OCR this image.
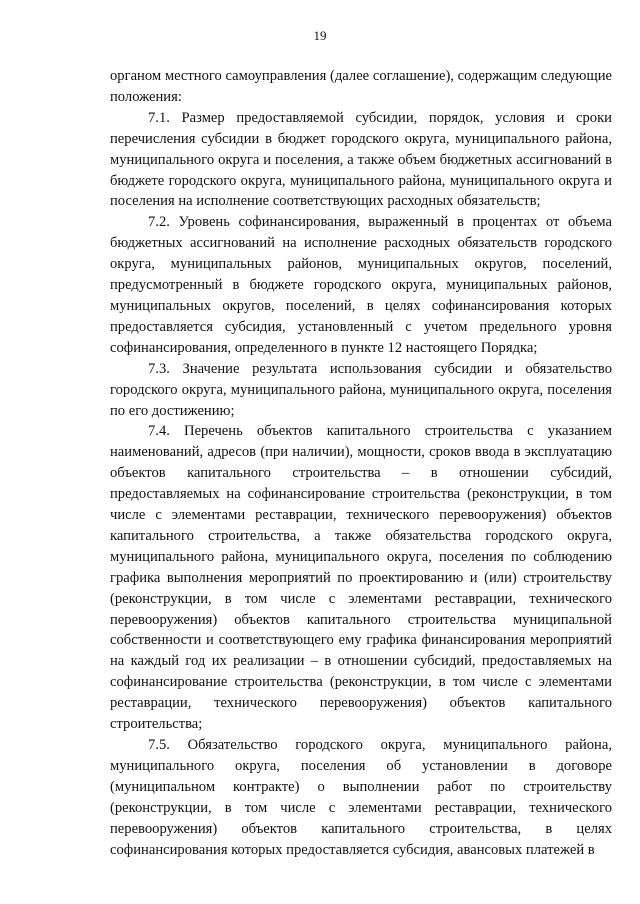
19

органом местного самоуправления (далее соглашение), содержащим следующие положения:

7.1. Размер предоставляемой субсидии, порядок, условия и сроки перечисления субсидии в бюджет городского округа, муниципального района, муниципального округа и поселения, а также объем бюджетных ассигнований в бюджете городского округа, муниципального района, муниципального округа и поселения на исполнение соответствующих расходных обязательств;

7.2. Уровень софинансирования, выраженный в процентах от объема бюджетных ассигнований на исполнение расходных обязательств городского округа, муниципальных районов, муниципальных округов, поселений, предусмотренный в бюджете городского округа, муниципальных районов, муниципальных округов, поселений, в целях софинансирования которых предоставляется субсидия, установленный с учетом предельного уровня софинансирования, определенного в пункте 12 настоящего Порядка;

7.3. Значение результата использования субсидии и обязательство городского округа, муниципального района, муниципального округа, поселения по его достижению;

7.4. Перечень объектов капитального строительства с указанием наименований, адресов (при наличии), мощности, сроков ввода в эксплуатацию объектов капитального строительства – в отношении субсидий, предоставляемых на софинансирование строительства (реконструкции, в том числе с элементами реставрации, технического перевооружения) объектов капитального строительства, а также обязательства городского округа, муниципального района, муниципального округа, поселения по соблюдению графика выполнения мероприятий по проектированию и (или) строительству (реконструкции, в том числе с элементами реставрации, технического перевооружения) объектов капитального строительства муниципальной собственности и соответствующего ему графика финансирования мероприятий на каждый год их реализации – в отношении субсидий, предоставляемых на софинансирование строительства (реконструкции, в том числе с элементами реставрации, технического перевооружения) объектов капитального строительства;

7.5. Обязательство городского округа, муниципального района, муниципального округа, поселения об установлении в договоре (муниципальном контракте) о выполнении работ по строительству (реконструкции, в том числе с элементами реставрации, технического перевооружения) объектов капитального строительства, в целях софинансирования которых предоставляется субсидия, авансовых платежей в
